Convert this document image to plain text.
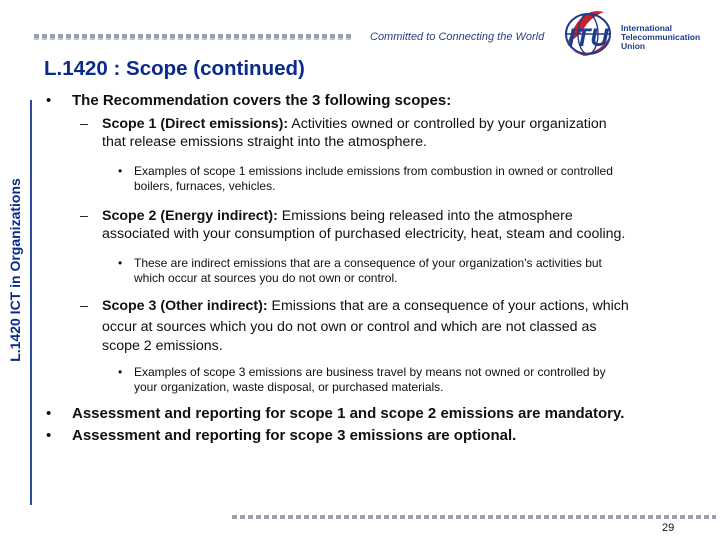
Committed to Connecting the World ITU International
Telecommunication
Union
L.1420 : Scope (continued)
L.1420 ICT in Organizations
• The Recommendation covers the 3 following scopes:
– Scope 1 (Direct emissions): Activities owned or controlled by your organization
that release emissions straight into the atmosphere.
• Examples of scope 1 emissions include emissions from combustion in owned or controlled
boilers, furnaces, vehicles.
– Scope 2 (Energy indirect): Emissions being released into the atmosphere
associated with your consumption of purchased electricity, heat, steam and cooling.
• These are indirect emissions that are a consequence of your organization's activities but
which occur at sources you do not own or control.
– Scope 3 (Other indirect): Emissions that are a consequence of your actions, which
occur at sources which you do not own or control and which are not classed as
scope 2 emissions.
• Examples of scope 3 emissions are business travel by means not owned or controlled by
your organization, waste disposal, or purchased materials.
• Assessment and reporting for scope 1 and scope 2 emissions are mandatory.
• Assessment and reporting for scope 3 emissions are optional.
29
